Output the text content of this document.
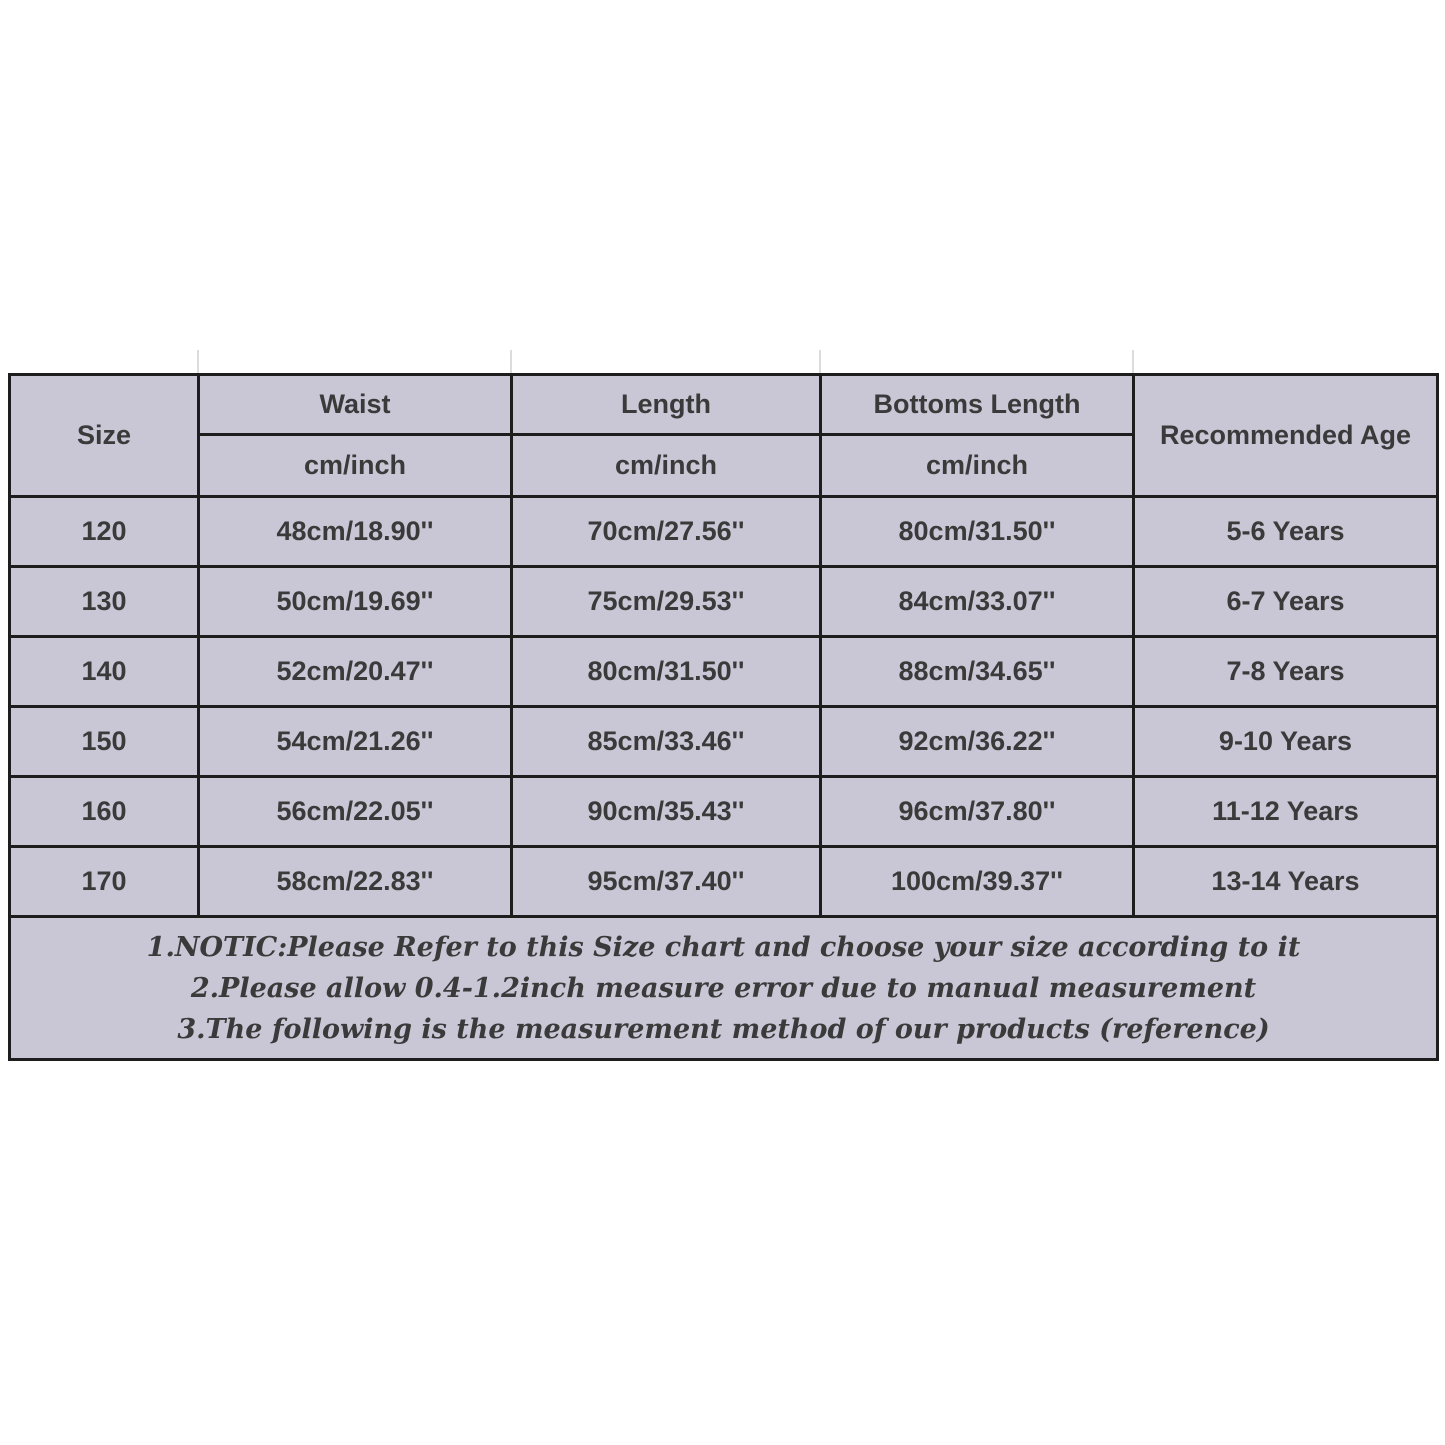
Size	Waist	Length	Bottoms Length	Recommended Age
	cm/inch	cm/inch	cm/inch	
120	48cm/18.90''	70cm/27.56''	80cm/31.50''	5-6 Years
130	50cm/19.69''	75cm/29.53''	84cm/33.07''	6-7 Years
140	52cm/20.47''	80cm/31.50''	88cm/34.65''	7-8 Years
150	54cm/21.26''	85cm/33.46''	92cm/36.22''	9-10 Years
160	56cm/22.05''	90cm/35.43''	96cm/37.80''	11-12 Years
170	58cm/22.83''	95cm/37.40''	100cm/39.37''	13-14 Years

1.NOTIC:Please Refer to this Size chart and choose your size according to it
2.Please allow 0.4-1.2inch measure error due to manual measurement
3.The following is the measurement method of our products (reference)				
